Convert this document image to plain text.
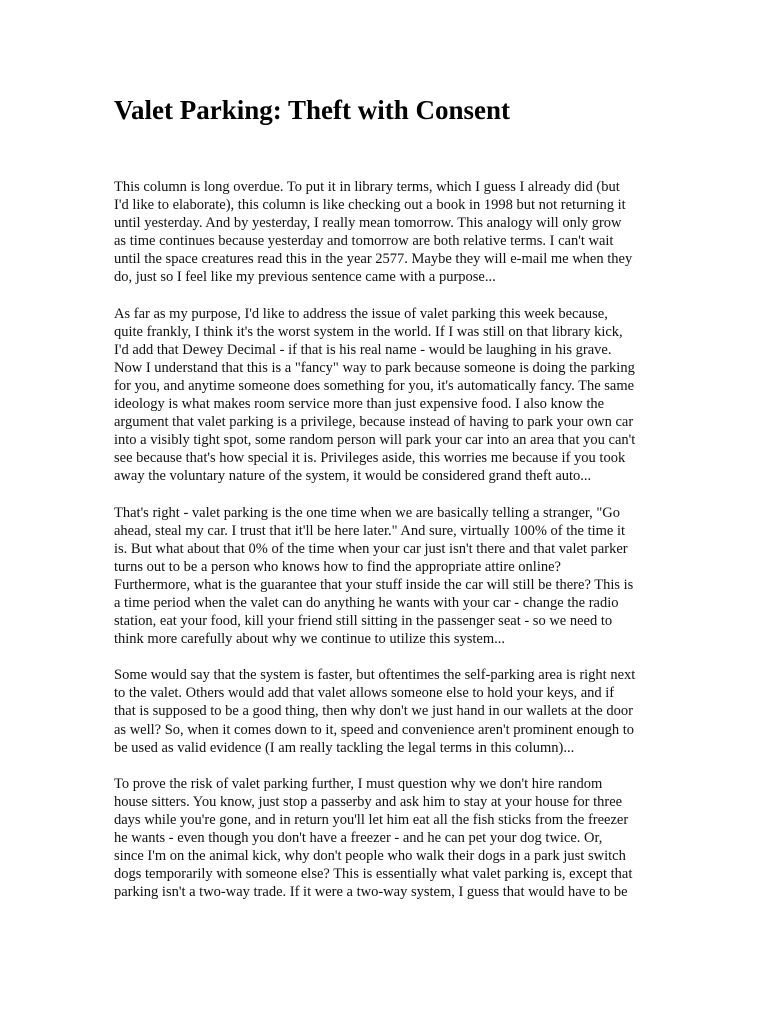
Valet Parking: Theft with Consent

This column is long overdue. To put it in library terms, which I guess I already did (but
I'd like to elaborate), this column is like checking out a book in 1998 but not returning it
until yesterday. And by yesterday, I really mean tomorrow. This analogy will only grow
as time continues because yesterday and tomorrow are both relative terms. I can't wait
until the space creatures read this in the year 2577. Maybe they will e-mail me when they
do, just so I feel like my previous sentence came with a purpose...

As far as my purpose, I'd like to address the issue of valet parking this week because,
quite frankly, I think it's the worst system in the world. If I was still on that library kick,
I'd add that Dewey Decimal - if that is his real name - would be laughing in his grave.
Now I understand that this is a "fancy" way to park because someone is doing the parking
for you, and anytime someone does something for you, it's automatically fancy. The same
ideology is what makes room service more than just expensive food. I also know the
argument that valet parking is a privilege, because instead of having to park your own car
into a visibly tight spot, some random person will park your car into an area that you can't
see because that's how special it is. Privileges aside, this worries me because if you took
away the voluntary nature of the system, it would be considered grand theft auto...

That's right - valet parking is the one time when we are basically telling a stranger, "Go
ahead, steal my car. I trust that it'll be here later." And sure, virtually 100% of the time it
is. But what about that 0% of the time when your car just isn't there and that valet parker
turns out to be a person who knows how to find the appropriate attire online?
Furthermore, what is the guarantee that your stuff inside the car will still be there? This is
a time period when the valet can do anything he wants with your car - change the radio
station, eat your food, kill your friend still sitting in the passenger seat - so we need to
think more carefully about why we continue to utilize this system...

Some would say that the system is faster, but oftentimes the self-parking area is right next
to the valet. Others would add that valet allows someone else to hold your keys, and if
that is supposed to be a good thing, then why don't we just hand in our wallets at the door
as well? So, when it comes down to it, speed and convenience aren't prominent enough to
be used as valid evidence (I am really tackling the legal terms in this column)...

To prove the risk of valet parking further, I must question why we don't hire random
house sitters. You know, just stop a passerby and ask him to stay at your house for three
days while you're gone, and in return you'll let him eat all the fish sticks from the freezer
he wants - even though you don't have a freezer - and he can pet your dog twice. Or,
since I'm on the animal kick, why don't people who walk their dogs in a park just switch
dogs temporarily with someone else? This is essentially what valet parking is, except that
parking isn't a two-way trade. If it were a two-way system, I guess that would have to be
